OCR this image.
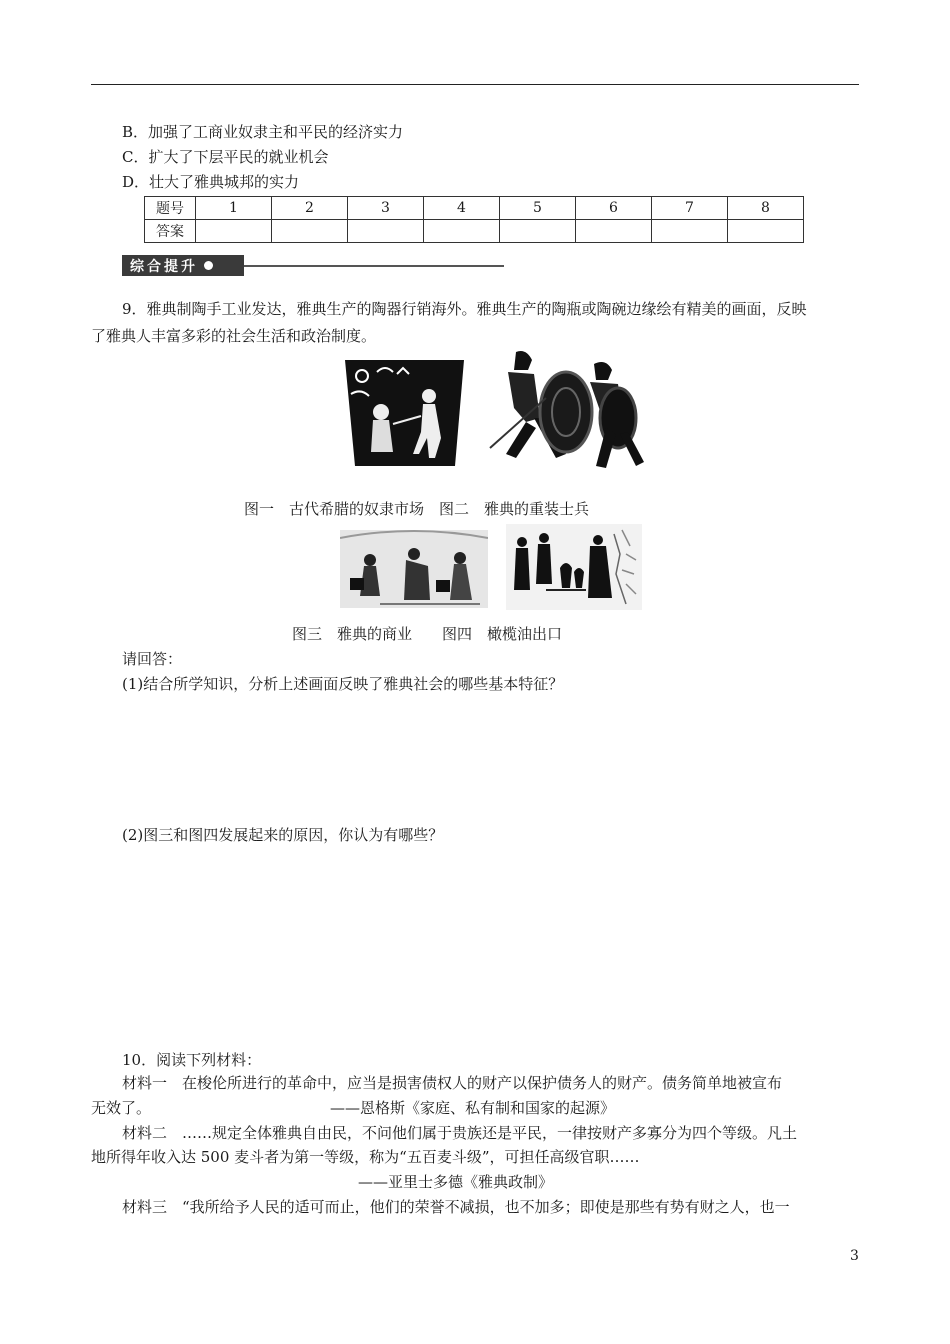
B．加强了工商业奴隶主和平民的经济实力
C．扩大了下层平民的就业机会
D．壮大了雅典城邦的实力
题号	1	2	3	4	5	6	7	8
答案								
综合提升
9．雅典制陶手工业发达，雅典生产的陶器行销海外。雅典生产的陶瓶或陶碗边缘绘有精美的画面，反映
了雅典人丰富多彩的社会生活和政治制度。
图一　古代希腊的奴隶市场　图二　雅典的重装士兵
图三　雅典的商业　　图四　橄榄油出口
请回答：
(1)结合所学知识，分析上述画面反映了雅典社会的哪些基本特征？
(2)图三和图四发展起来的原因，你认为有哪些？
10．阅读下列材料：
材料一　在梭伦所进行的革命中，应当是损害债权人的财产以保护债务人的财产。债务简单地被宣布
无效了。	——恩格斯《家庭、私有制和国家的起源》
材料二　……规定全体雅典自由民，不问他们属于贵族还是平民，一律按财产多寡分为四个等级。凡土
地所得年收入达 500 麦斗者为第一等级，称为“五百麦斗级”，可担任高级官职……
——亚里士多德《雅典政制》
材料三　“我所给予人民的适可而止，他们的荣誉不减损，也不加多；即使是那些有势有财之人，也一
3
